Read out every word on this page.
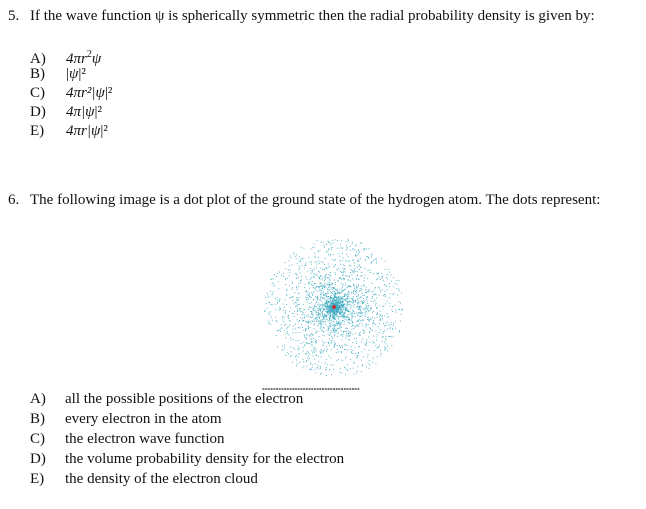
5. If the wave function ψ is spherically symmetric then the radial probability density is given by:
A) $4\pi r^2\psi$
B) |ψ|²
C) 4πr²|ψ|²
D) 4π|ψ|²
E) 4πr|ψ|²
6. The following image is a dot plot of the ground state of the hydrogen atom. The dots represent:
A) all the possible positions of the electron
B) every electron in the atom
C) the electron wave function
D) the volume probability density for the electron
E) the density of the electron cloud
▪▪▪▪▪▪▪▪▪▪▪▪▪▪▪▪▪▪▪▪▪▪▪▪▪▪▪▪▪▪▪▪▪▪▪▪
